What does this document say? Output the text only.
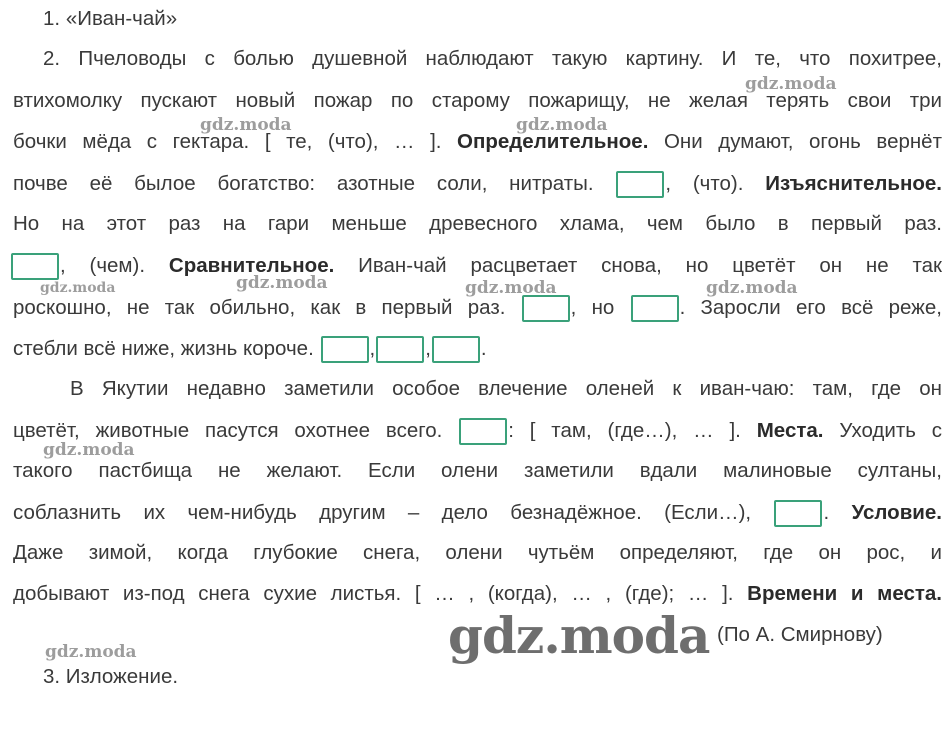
1. «Иван-чай»
2. Пчеловоды с болью душевной наблюдают такую картину. И те, что похитрее,
втихомолку пускают новый пожар по старому пожарищу, не желая терять свои три
бочки мёда с гектара. [ те, (что), … ]. Определительное. Они думают, огонь вернёт
почве её былое богатство: азотные соли, нитраты.	, (что). Изъяснительное.
Но на этот раз на гари меньше древесного хлама, чем было в первый раз.
, (чем). Сравнительное. Иван-чай расцветает снова, но цветёт он не так
роскошно, не так обильно, как в первый раз.	, но	. Заросли его всё реже,
стебли всё ниже, жизнь короче.	, , .
В Якутии недавно заметили особое влечение оленей к иван-чаю: там, где он
цветёт, животные пасутся охотнее всего.	: [ там, (где…), … ]. Места. Уходить с
такого пастбища не желают. Если олени заметили вдали малиновые султаны,
соблазнить их чем-нибудь другим – дело безнадёжное. (Если…),	. Условие.
Даже зимой, когда глубокие снега, олени чутьём определяют, где он рос, и
добывают из-под снега сухие листья. [ … , (когда), … , (где); … ]. Времени и места.
(По А. Смирнову)
3. Изложение.
gdz.moda
gdz.moda	gdz.moda
gdz.moda	gdz.moda	gdz.moda	gdz.moda
gdz.moda
gdz.moda	gdz.moda
